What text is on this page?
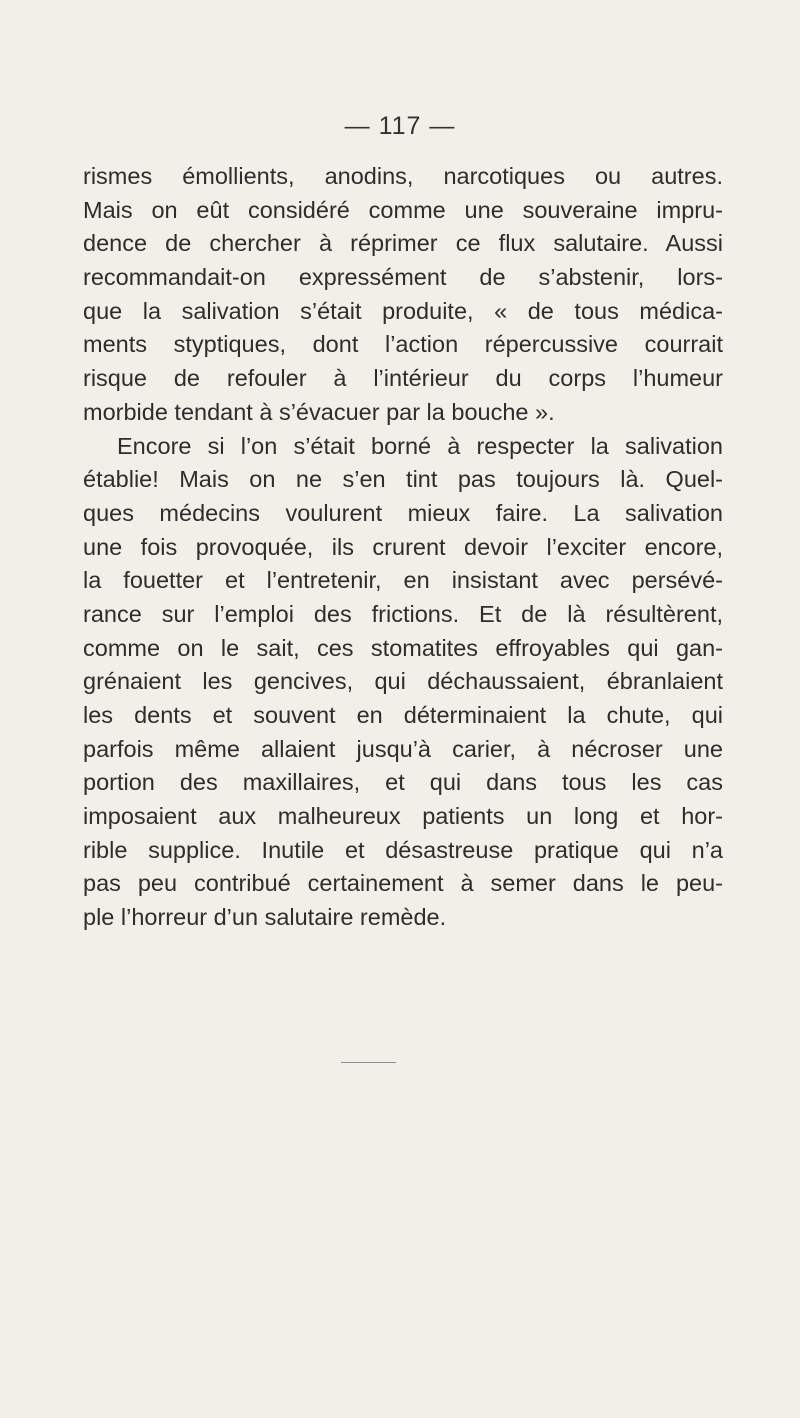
— 117 —
rismes émollients, anodins, narcotiques ou autres.
Mais on eût considéré comme une souveraine impru-
dence de chercher à réprimer ce flux salutaire. Aussi
recommandait-on expressément de s’abstenir, lors-
que la salivation s’était produite, « de tous médica-
ments styptiques, dont l’action répercussive courrait
risque de refouler à l’intérieur du corps l’humeur
morbide tendant à s’évacuer par la bouche ».
Encore si l’on s’était borné à respecter la salivation
établie! Mais on ne s’en tint pas toujours là. Quel-
ques médecins voulurent mieux faire. La salivation
une fois provoquée, ils crurent devoir l’exciter encore,
la fouetter et l’entretenir, en insistant avec persévé-
rance sur l’emploi des frictions. Et de là résultèrent,
comme on le sait, ces stomatites effroyables qui gan-
grénaient les gencives, qui déchaussaient, ébranlaient
les dents et souvent en déterminaient la chute, qui
parfois même allaient jusqu’à carier, à nécroser une
portion des maxillaires, et qui dans tous les cas
imposaient aux malheureux patients un long et hor-
rible supplice. Inutile et désastreuse pratique qui n’a
pas peu contribué certainement à semer dans le peu-
ple l’horreur d’un salutaire remède.
